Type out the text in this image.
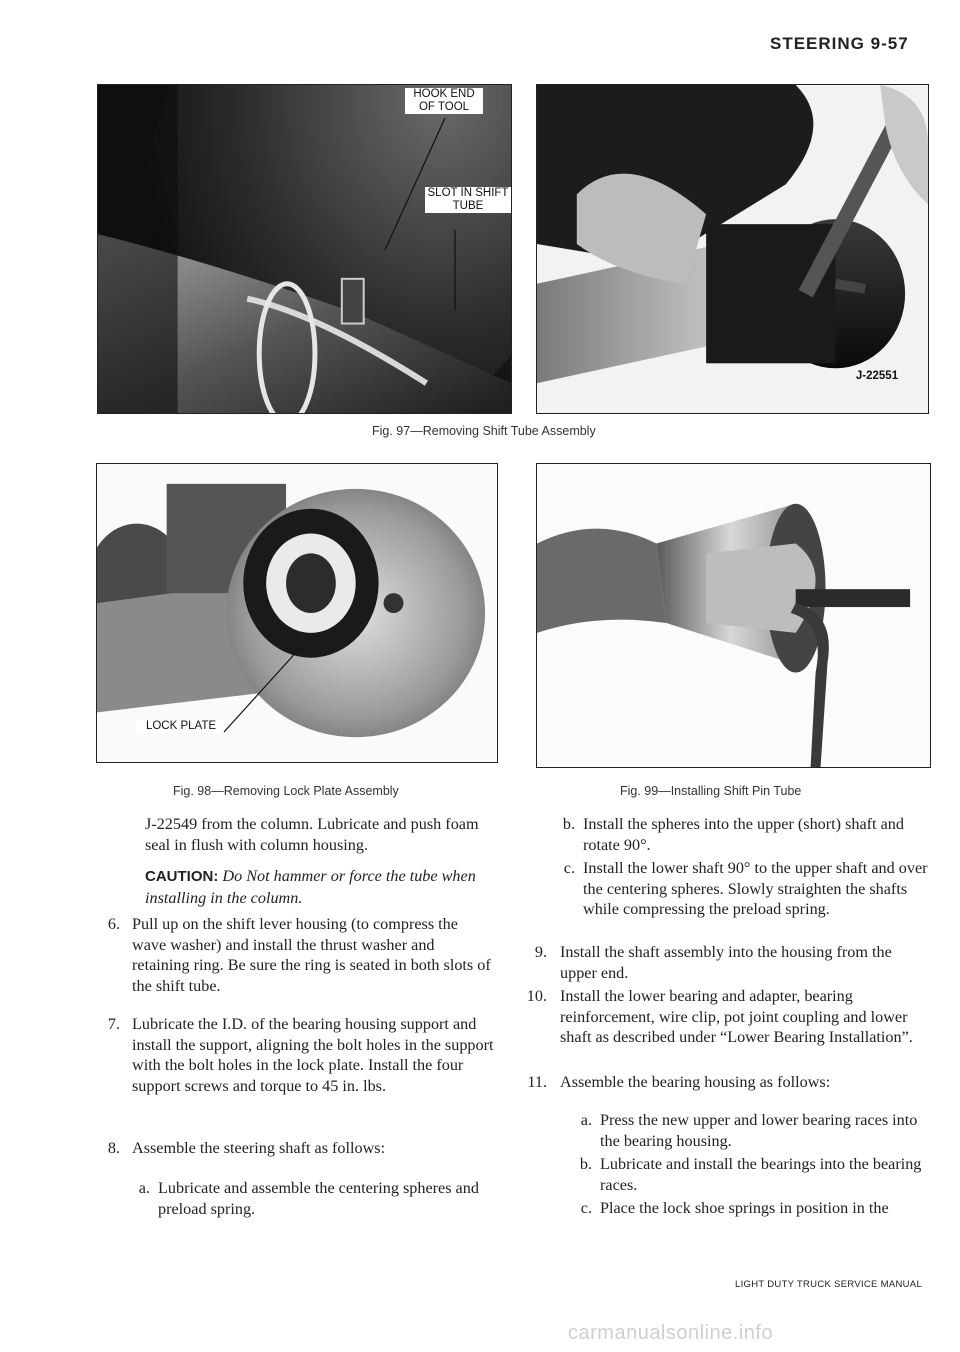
STEERING 9-57
HOOK END OF TOOL
SLOT IN SHIFT TUBE
J-22551
Fig. 97—Removing Shift Tube Assembly
LOCK PLATE
Fig. 98—Removing Lock Plate Assembly	Fig. 99—Installing Shift Pin Tube
J-22549 from the column. Lubricate and push foam seal in flush with column housing.
CAUTION: Do Not hammer or force the tube when installing in the column.
6. Pull up on the shift lever housing (to compress the wave washer) and install the thrust washer and retaining ring. Be sure the ring is seated in both slots of the shift tube.
7. Lubricate the I.D. of the bearing housing support and install the support, aligning the bolt holes in the support with the bolt holes in the lock plate. Install the four support screws and torque to 45 in. lbs.
8. Assemble the steering shaft as follows:
a. Lubricate and assemble the centering spheres and preload spring.
b. Install the spheres into the upper (short) shaft and rotate 90°.
c. Install the lower shaft 90° to the upper shaft and over the centering spheres. Slowly straighten the shafts while compressing the preload spring.
9. Install the shaft assembly into the housing from the upper end.
10. Install the lower bearing and adapter, bearing reinforcement, wire clip, pot joint coupling and lower shaft as described under “Lower Bearing Installation”.
11. Assemble the bearing housing as follows:
a. Press the new upper and lower bearing races into the bearing housing.
b. Lubricate and install the bearings into the bearing races.
c. Place the lock shoe springs in position in the
LIGHT DUTY TRUCK SERVICE MANUAL
carmanualsonline.info
